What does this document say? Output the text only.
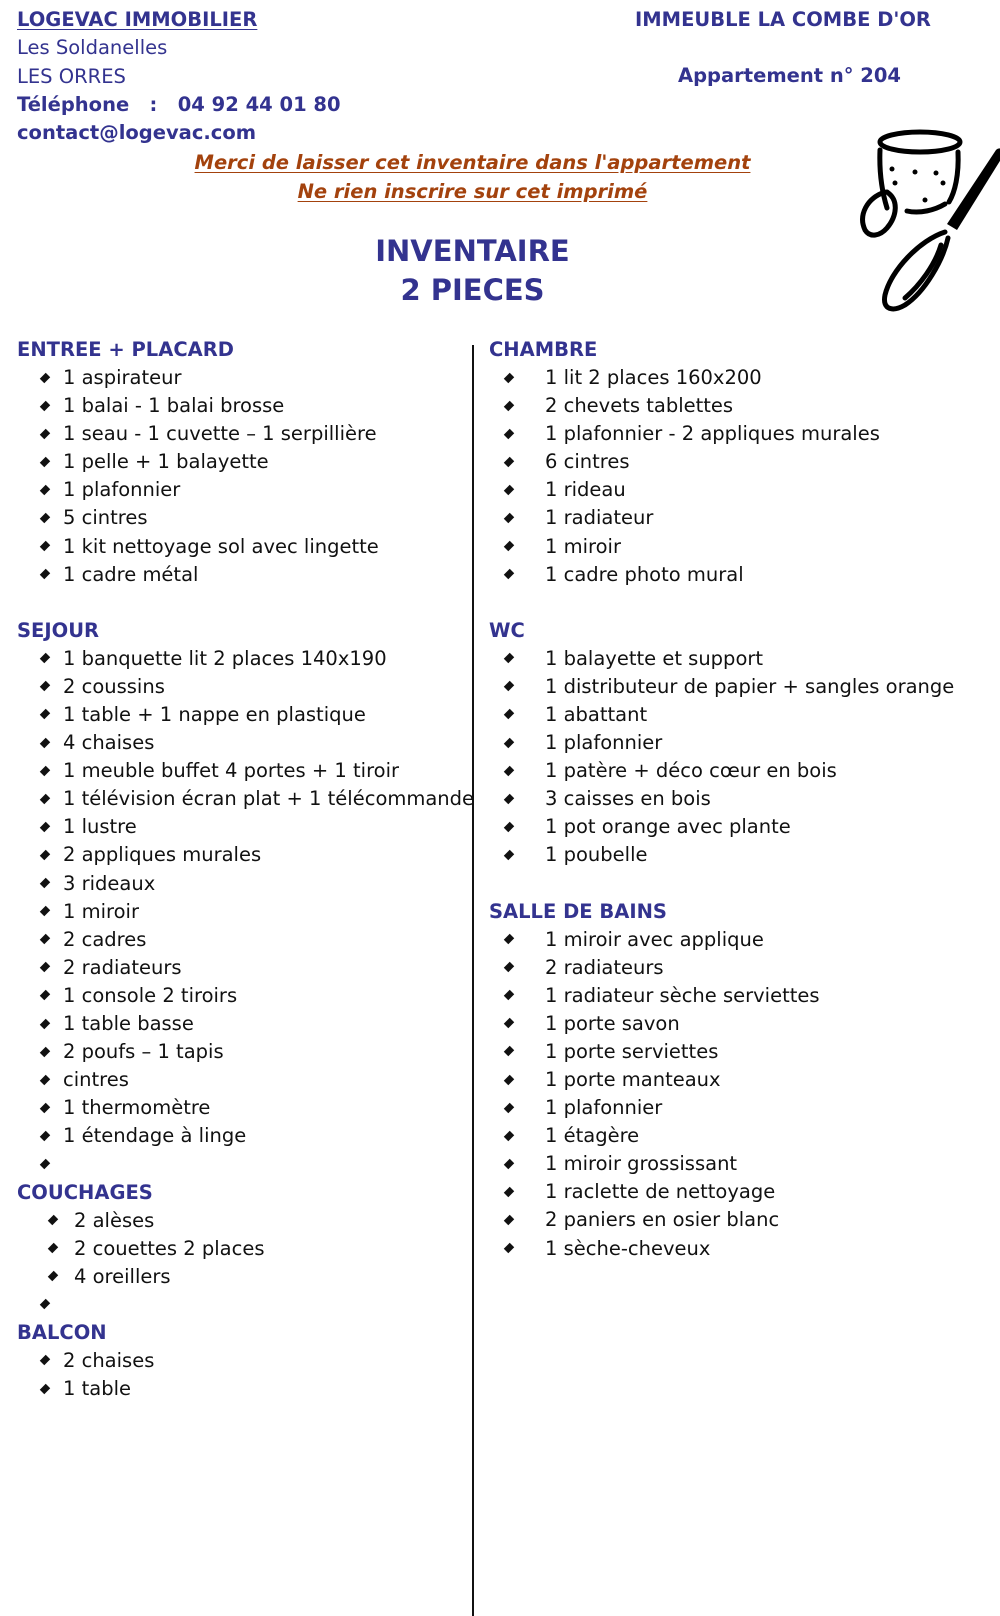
LOGEVAC IMMOBILIER
Les Soldanelles
LES ORRES
Téléphone   :   04 92 44 01 80
contact@logevac.com
IMMEUBLE LA COMBE D'OR
Appartement n° 204
Merci de laisser cet inventaire dans l'appartement
Ne rien inscrire sur cet imprimé
INVENTAIRE
2 PIECES
ENTREE + PLACARD
1 aspirateur
1 balai - 1 balai brosse
1 seau - 1 cuvette – 1 serpillière
1 pelle + 1 balayette
1 plafonnier
5 cintres
1 kit nettoyage sol avec lingette
1 cadre métal
SEJOUR
1 banquette lit 2 places 140x190
2 coussins
1 table + 1 nappe en plastique
4 chaises
1 meuble buffet 4 portes + 1 tiroir
1 télévision écran plat + 1 télécommande
1 lustre
2 appliques murales
3 rideaux
1 miroir
2 cadres
2 radiateurs
1 console 2 tiroirs
1 table basse
2 poufs – 1 tapis
cintres
1 thermomètre
1 étendage à linge
COUCHAGES
2 alèses
2 couettes 2 places
4 oreillers
BALCON
2 chaises
1 table
CHAMBRE
1 lit 2 places 160x200
2 chevets tablettes
1 plafonnier - 2 appliques murales
6 cintres
1 rideau
1 radiateur
1 miroir
1 cadre photo mural
WC
1 balayette et support
1 distributeur de papier + sangles orange
1 abattant
1 plafonnier
1 patère + déco cœur en bois
3 caisses en bois
1 pot orange avec plante
1 poubelle
SALLE DE BAINS
1 miroir avec applique
2 radiateurs
1 radiateur sèche serviettes
1 porte savon
1 porte serviettes
1 porte manteaux
1 plafonnier
1 étagère
1 miroir grossissant
1 raclette de nettoyage
2 paniers en osier blanc
1 sèche-cheveux
